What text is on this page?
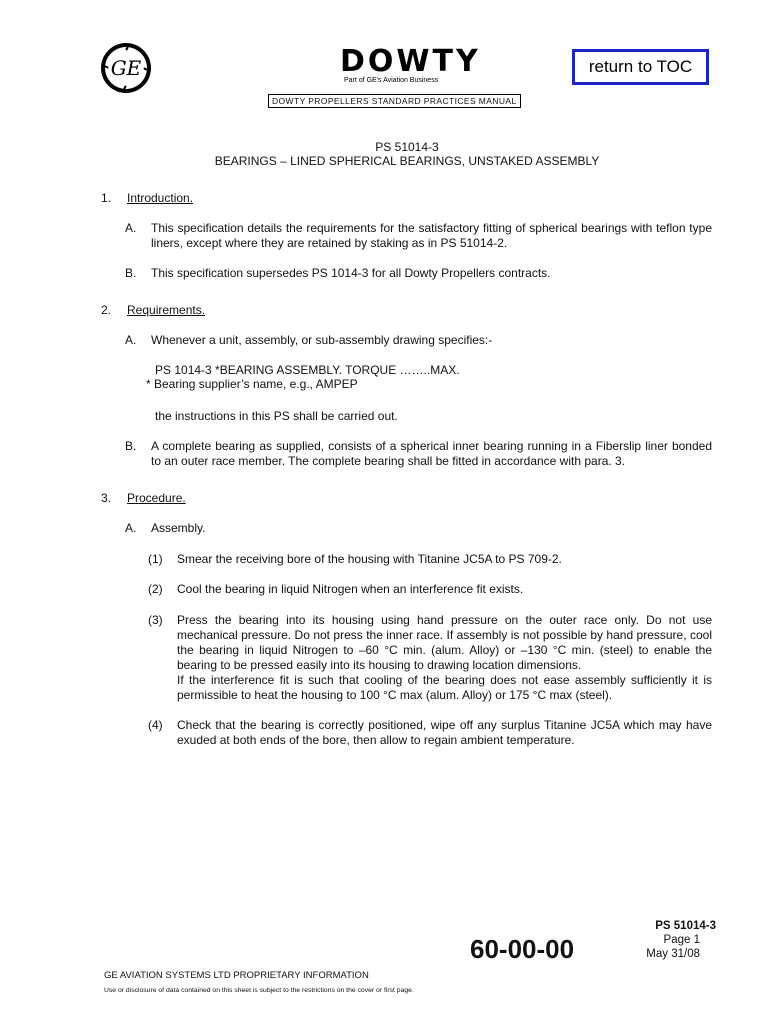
GE	DOWTY
Part of GE's Aviation Business
DOWTY PROPELLERS STANDARD PRACTICES MANUAL
return to TOC
PS 51014-3
BEARINGS – LINED SPHERICAL BEARINGS, UNSTAKED ASSEMBLY
1. Introduction.
A. This specification details the requirements for the satisfactory fitting of spherical bearings with teflon type liners, except where they are retained by staking as in PS 51014-2.
B. This specification supersedes PS 1014-3 for all Dowty Propellers contracts.
2. Requirements.
A. Whenever a unit, assembly, or sub-assembly drawing specifies:-
PS 1014-3 *BEARING ASSEMBLY. TORQUE ……..MAX.
* Bearing supplier’s name, e.g., AMPEP
the instructions in this PS shall be carried out.
B. A complete bearing as supplied, consists of a spherical inner bearing running in a Fiberslip liner bonded to an outer race member. The complete bearing shall be fitted in accordance with para. 3.
3. Procedure.
A. Assembly.
(1) Smear the receiving bore of the housing with Titanine JC5A to PS 709-2.
(2) Cool the bearing in liquid Nitrogen when an interference fit exists.
(3) Press the bearing into its housing using hand pressure on the outer race only. Do not use mechanical pressure. Do not press the inner race. If assembly is not possible by hand pressure, cool the bearing in liquid Nitrogen to –60 °C min. (alum. Alloy) or –130 °C min. (steel) to enable the bearing to be pressed easily into its housing to drawing location dimensions.
If the interference fit is such that cooling of the bearing does not ease assembly sufficiently it is permissible to heat the housing to 100 °C max (alum. Alloy) or 175 °C max (steel).
(4) Check that the bearing is correctly positioned, wipe off any surplus Titanine JC5A which may have exuded at both ends of the bore, then allow to regain ambient temperature.
PS 51014-3
Page 1
May 31/08
60-00-00
GE AVIATION SYSTEMS LTD PROPRIETARY INFORMATION
Use or disclosure of data contained on this sheet is subject to the restrictions on the cover or first page.
